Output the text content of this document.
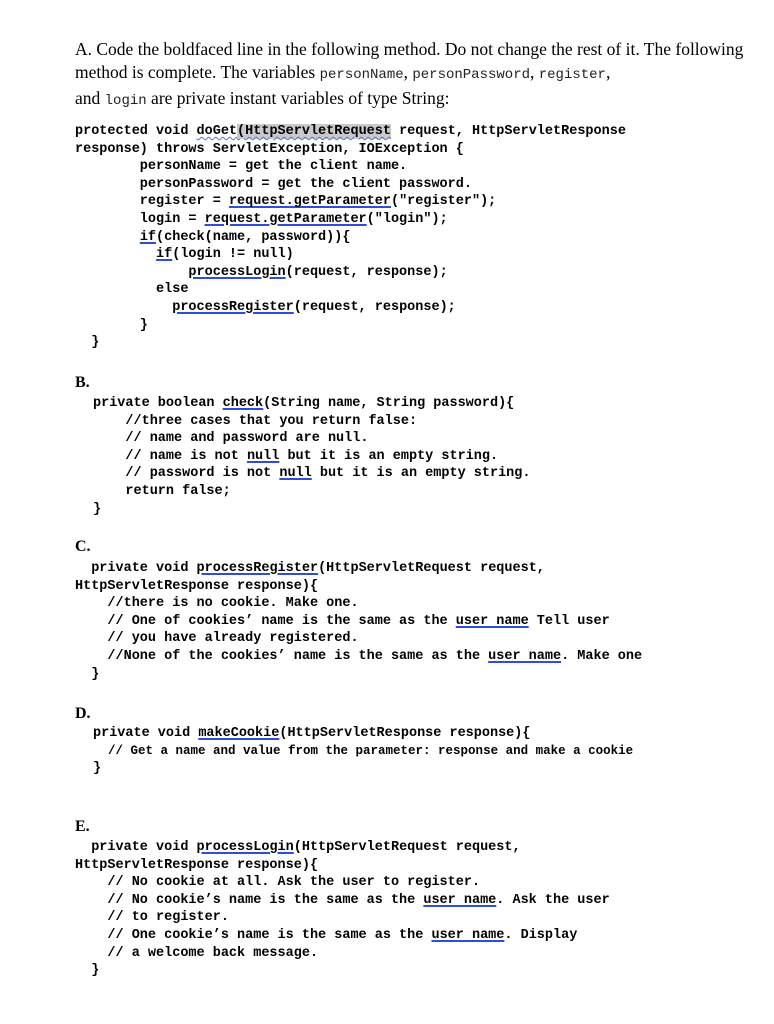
A. Code the boldfaced line in the following method. Do not change the rest of it. The following method is complete. The variables personName, personPassword, register,
and login are private instant variables of type String:
protected void doGet(HttpServletRequest request, HttpServletResponse
response) throws ServletException, IOException {
personName = get the client name.
personPassword = get the client password.
register = request.getParameter("register");
login = request.getParameter("login");
if(check(name, password)){
if(login != null)
processLogin(request, response);
else
processRegister(request, response);
}
}
B.
private boolean check(String name, String password){
//three cases that you return false:
// name and password are null.
// name is not null but it is an empty string.
// password is not null but it is an empty string.
return false;
}
C.
private void processRegister(HttpServletRequest request,
HttpServletResponse response){
//there is no cookie. Make one.
// One of cookies’ name is the same as the user name Tell user
// you have already registered.
//None of the cookies’ name is the same as the user name. Make one
}
D.
private void makeCookie(HttpServletResponse response){
// Get a name and value from the parameter: response and make a cookie
}
E.
private void processLogin(HttpServletRequest request,
HttpServletResponse response){
// No cookie at all. Ask the user to register.
// No cookie’s name is the same as the user name. Ask the user
// to register.
// One cookie’s name is the same as the user name. Display
// a welcome back message.
}
